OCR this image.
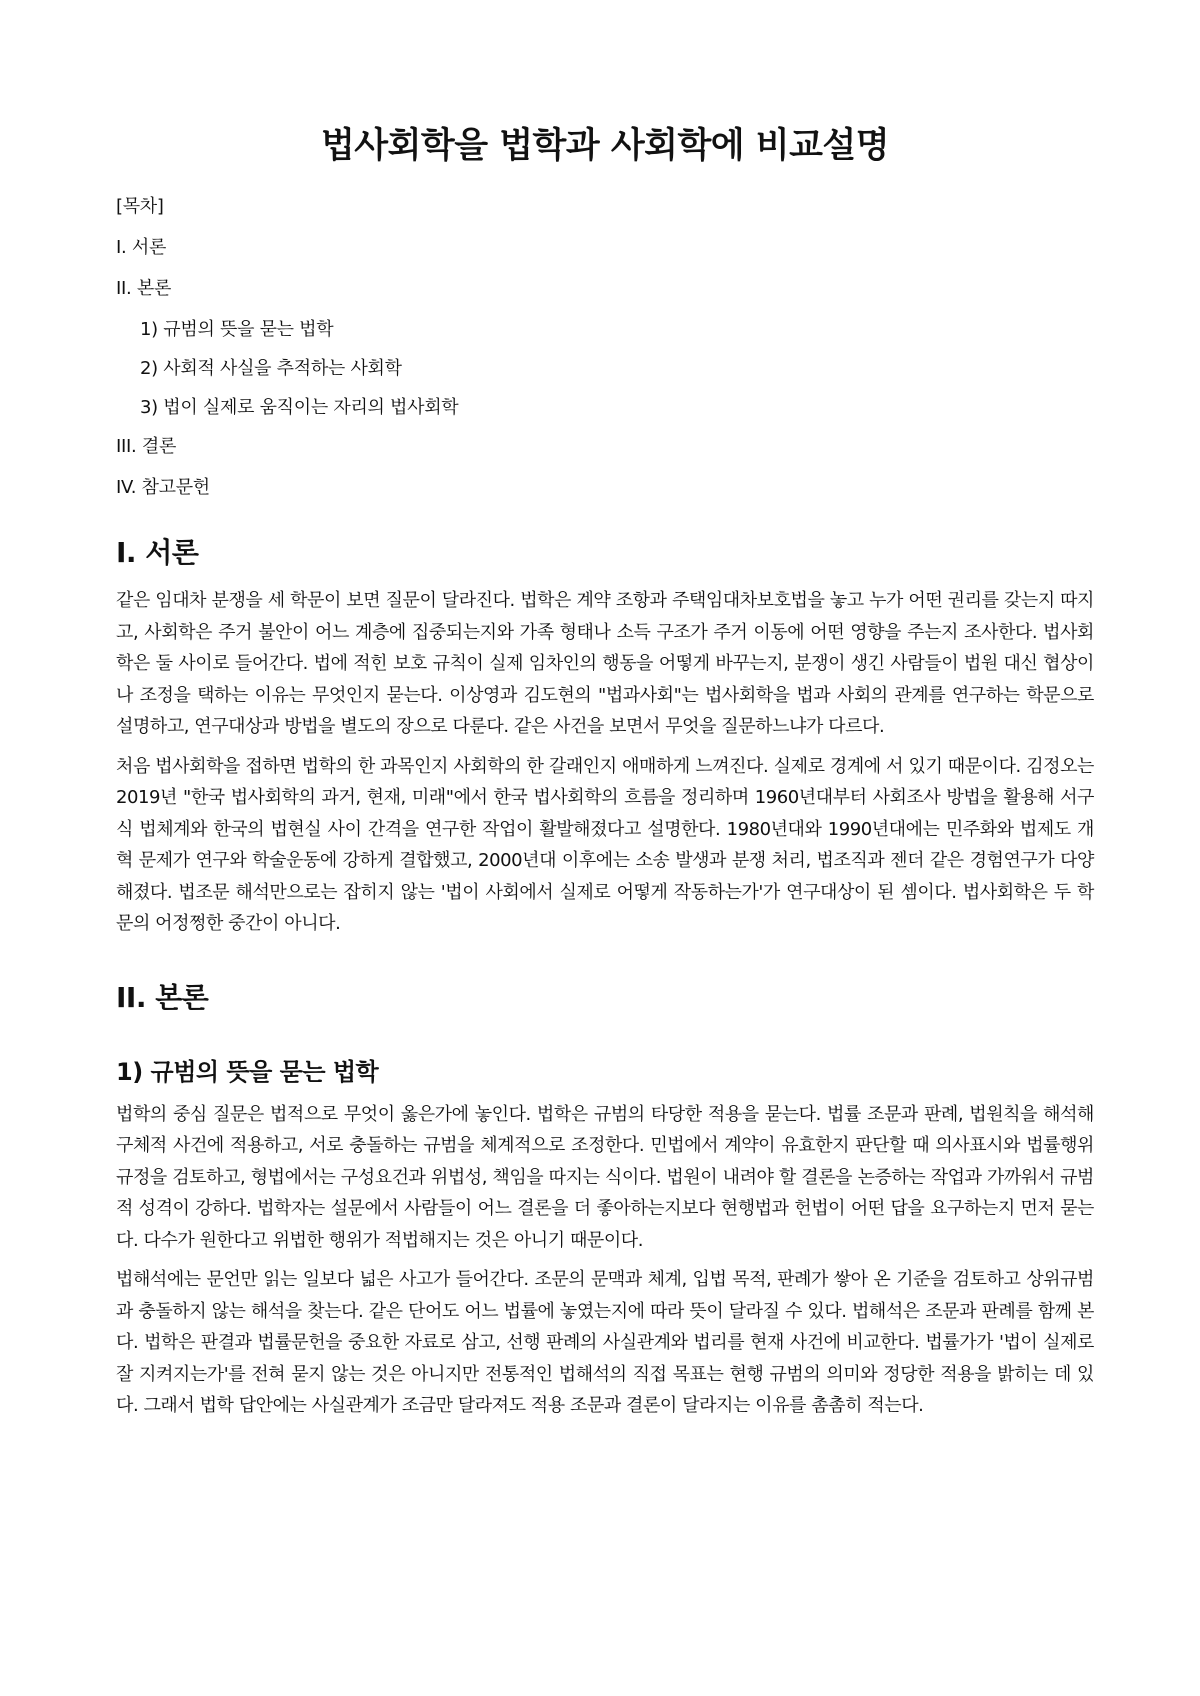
법사회학을 법학과 사회학에 비교설명
[목차]
I. 서론
II. 본론
1) 규범의 뜻을 묻는 법학
2) 사회적 사실을 추적하는 사회학
3) 법이 실제로 움직이는 자리의 법사회학
III. 결론
IV. 참고문헌
I. 서론

같은 임대차 분쟁을 세 학문이 보면 질문이 달라진다. 법학은 계약 조항과 주택임대차보호법을 놓고 누가 어떤 권리를 갖는지 따지고, 사회학은 주거 불안이 어느 계층에 집중되는지와 가족 형태나 소득 구조가 주거 이동에 어떤 영향을 주는지 조사한다. 법사회학은 둘 사이로 들어간다. 법에 적힌 보호 규칙이 실제 임차인의 행동을 어떻게 바꾸는지, 분쟁이 생긴 사람들이 법원 대신 협상이나 조정을 택하는 이유는 무엇인지 묻는다. 이상영과 김도현의 "법과사회"는 법사회학을 법과 사회의 관계를 연구하는 학문으로 설명하고, 연구대상과 방법을 별도의 장으로 다룬다. 같은 사건을 보면서 무엇을 질문하느냐가 다르다.

처음 법사회학을 접하면 법학의 한 과목인지 사회학의 한 갈래인지 애매하게 느껴진다. 실제로 경계에 서 있기 때문이다. 김정오는 2019년 "한국 법사회학의 과거, 현재, 미래"에서 한국 법사회학의 흐름을 정리하며 1960년대부터 사회조사 방법을 활용해 서구식 법체계와 한국의 법현실 사이 간격을 연구한 작업이 활발해졌다고 설명한다. 1980년대와 1990년대에는 민주화와 법제도 개혁 문제가 연구와 학술운동에 강하게 결합했고, 2000년대 이후에는 소송 발생과 분쟁 처리, 법조직과 젠더 같은 경험연구가 다양해졌다. 법조문 해석만으로는 잡히지 않는 '법이 사회에서 실제로 어떻게 작동하는가'가 연구대상이 된 셈이다. 법사회학은 두 학문의 어정쩡한 중간이 아니다.

II. 본론
1) 규범의 뜻을 묻는 법학

법학의 중심 질문은 법적으로 무엇이 옳은가에 놓인다. 법학은 규범의 타당한 적용을 묻는다. 법률 조문과 판례, 법원칙을 해석해 구체적 사건에 적용하고, 서로 충돌하는 규범을 체계적으로 조정한다. 민법에서 계약이 유효한지 판단할 때 의사표시와 법률행위 규정을 검토하고, 형법에서는 구성요건과 위법성, 책임을 따지는 식이다. 법원이 내려야 할 결론을 논증하는 작업과 가까워서 규범적 성격이 강하다. 법학자는 설문에서 사람들이 어느 결론을 더 좋아하는지보다 현행법과 헌법이 어떤 답을 요구하는지 먼저 묻는다. 다수가 원한다고 위법한 행위가 적법해지는 것은 아니기 때문이다.

법해석에는 문언만 읽는 일보다 넓은 사고가 들어간다. 조문의 문맥과 체계, 입법 목적, 판례가 쌓아 온 기준을 검토하고 상위규범과 충돌하지 않는 해석을 찾는다. 같은 단어도 어느 법률에 놓였는지에 따라 뜻이 달라질 수 있다. 법해석은 조문과 판례를 함께 본다. 법학은 판결과 법률문헌을 중요한 자료로 삼고, 선행 판례의 사실관계와 법리를 현재 사건에 비교한다. 법률가가 '법이 실제로 잘 지켜지는가'를 전혀 묻지 않는 것은 아니지만 전통적인 법해석의 직접 목표는 현행 규범의 의미와 정당한 적용을 밝히는 데 있다. 그래서 법학 답안에는 사실관계가 조금만 달라져도 적용 조문과 결론이 달라지는 이유를 촘촘히 적는다.
